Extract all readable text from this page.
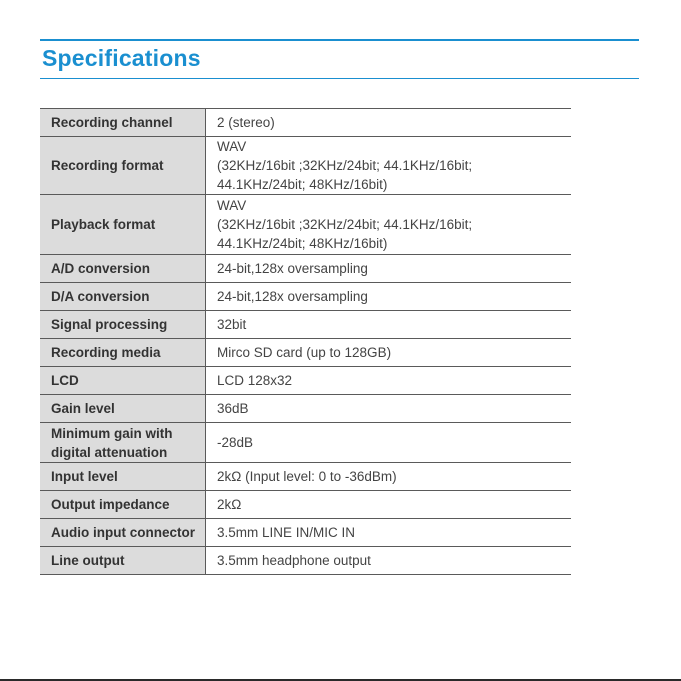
Specifications
Recording channel	2 (stereo)

Recording format	WAV
(32KHz/16bit ;32KHz/24bit; 44.1KHz/16bit;
44.1KHz/24bit; 48KHz/16bit)

Playback format	WAV
(32KHz/16bit ;32KHz/24bit; 44.1KHz/16bit;
44.1KHz/24bit; 48KHz/16bit)

A/D conversion	24-bit,128x oversampling

D/A conversion	24-bit,128x oversampling

Signal processing	32bit

Recording media	Mirco SD card (up to 128GB)

LCD	LCD 128x32

Gain level	36dB

Minimum gain with
digital attenuation	-28dB

Input level	2kΩ (Input level: 0 to -36dBm)

Output impedance	2kΩ

Audio input connector	3.5mm LINE IN/MIC IN

Line output	3.5mm headphone output
